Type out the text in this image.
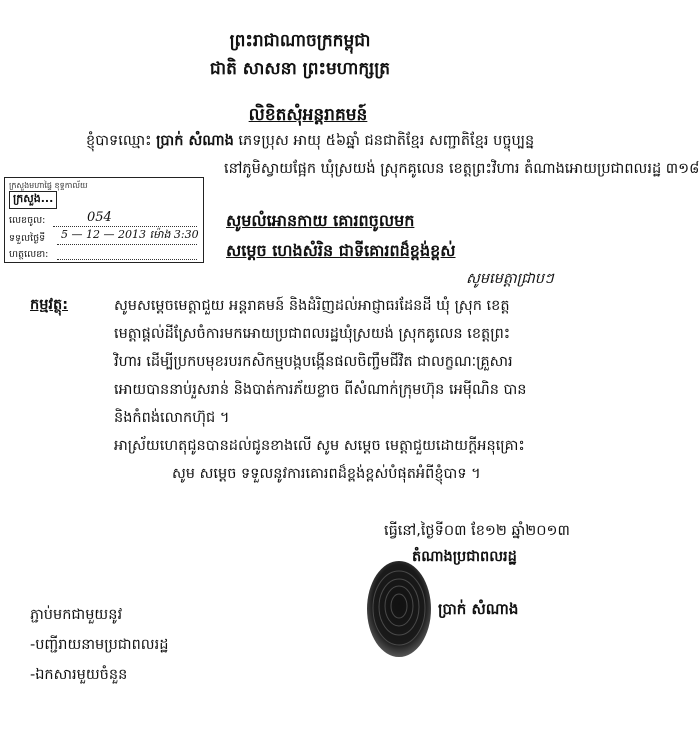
ព្រះរាជាណាចក្រកម្ពុជា
ជាតិ សាសនា ព្រះមហាក្សត្រ
លិខិតសុំអន្តរាគមន៍
ខ្ញុំបាទឈ្មោះ ប្រាក់ សំណាង ភេទប្រុស អាយុ ៥៦ឆ្នាំ ជនជាតិខ្មែរ សញ្ជាតិខ្មែរ បច្ចុប្បន្ន
នៅភូមិស្វាយផ្អែក ឃុំស្រយង់ ស្រុកគូលេន ខេត្តព្រះវិហារ តំណាងអោយប្រជាពលរដ្ឋ ៣១៨
ក្រសួងមហាផ្ទៃ ខុទ្ទកាល័យ
ក្រសួង...
លេខចូល:	054
ទទួលថ្ងៃទី 5 — 12 — 2013 ម៉ោង 3:30
ហត្ថលេខា:
សូមលំអោនកាយ គោរពចូលមក
សម្តេច ហេងសំរិន ជាទីគោរពដ៏ខ្ពង់ខ្ពស់
សូមមេត្តាជ្រាបៗ
កម្មវត្ថុ:	សូមសម្តេចមេត្តាជួយ អន្តរាគមន៍ និងដំរិញដល់អាជ្ញាធរដែនដី ឃុំ ស្រុក ខេត្ត
មេត្តាផ្តល់ដីស្រែចំការមកអោយប្រជាពលរដ្ឋឃុំស្រយង់ ស្រុកគូលេន ខេត្តព្រះ
វិហារ ដើម្បីប្រកបមុខរបរកសិកម្មបង្កបង្កើនផលចិញ្ចឹមជីវិត ជាលក្ខណៈគ្រួសារ
អោយបាននាប់រួសរាន់ និងបាត់ការភ័យខ្លាច ពីសំណាក់ក្រុមហ៊ុន អេម៉ីណិន បាន
និងកំពង់លោកហ៊ុជ ។
អាស្រ័យហេតុជូនបានដល់ជូនខាងលើ សូម សម្តេច មេត្តាជួយដោយក្តីអនុគ្រោះ
សូម សម្តេច ទទួលនូវការគោរពដ៏ខ្ពង់ខ្ពស់បំផុតអំពីខ្ញុំបាទ ។
ធ្វើនៅ,ថ្ងៃទី០៣ ខែ១២ ឆ្នាំ២០១៣
តំណាងប្រជាពលរដ្ឋ
ប្រាក់ សំណាង
ភ្ជាប់មកជាមួយនូវ
-បញ្ជីរាយនាមប្រជាពលរដ្ឋ
-ឯកសារមួយចំនួន
